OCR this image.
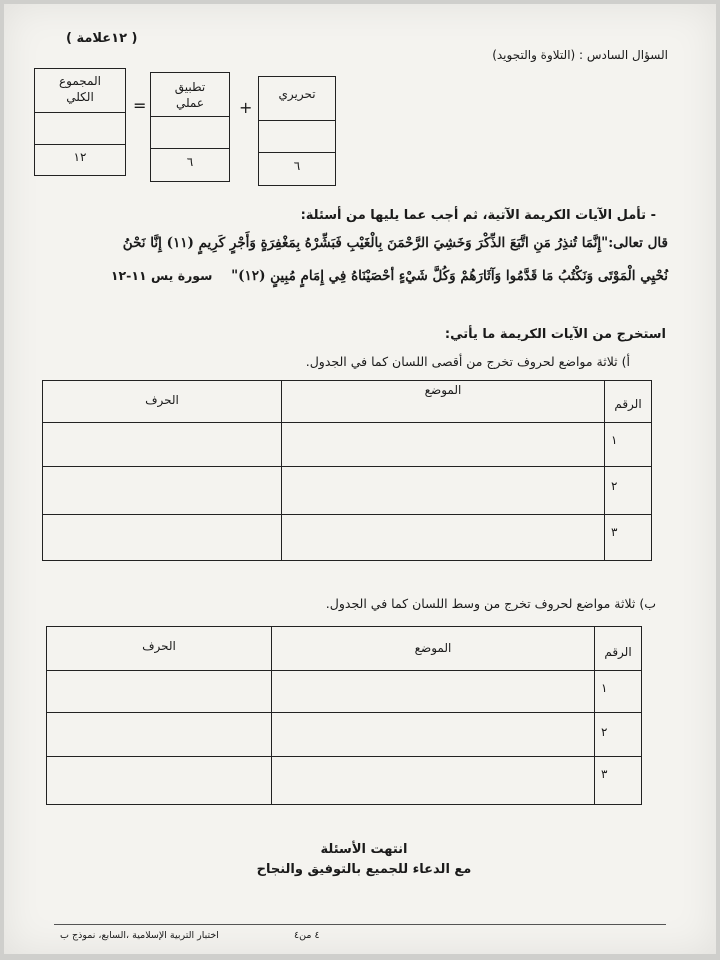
( ١٢علامة )
السؤال السادس : (التلاوة والتجويد)
المجموع الكلي
١٢
=
تطبيق عملي
٦
+
تحريري
٦
- تأمل الآيات الكريمة الآتية، ثم أجب عما يليها من أسئلة:
قال تعالى:"إِنَّمَا تُنذِرُ مَنِ اتَّبَعَ الذِّكْرَ وَخَشِيَ الرَّحْمَنَ بِالْغَيْبِ فَبَشِّرْهُ بِمَغْفِرَةٍ وَأَجْرٍ كَرِيمٍ (١١) إِنَّا نَحْنُ
نُحْيِي الْمَوْتَى وَنَكْتُبُ مَا قَدَّمُوا وَآثَارَهُمْ وَكُلَّ شَيْءٍ أحْصَيْنَاهُ فِي إِمَامٍ مُبِينٍ (١٢)" سورة يس ١١-١٢
استخرج من الآيات الكريمة ما يأتي:
أ) ثلاثة مواضع لحروف تخرج من أقصى اللسان كما في الجدول.
الرقم	الموضع	الحرف
١		
٢		
٣		
ب) ثلاثة مواضع لحروف تخرج من وسط اللسان كما في الجدول.
الرقم	الموضع	الحرف
١		
٢		
٣		
انتهت الأسئلة
مع الدعاء للجميع بالتوفيق والنجاح
٤ من٤
اختبار التربية الإسلامية ،السابع، نموذج ب
